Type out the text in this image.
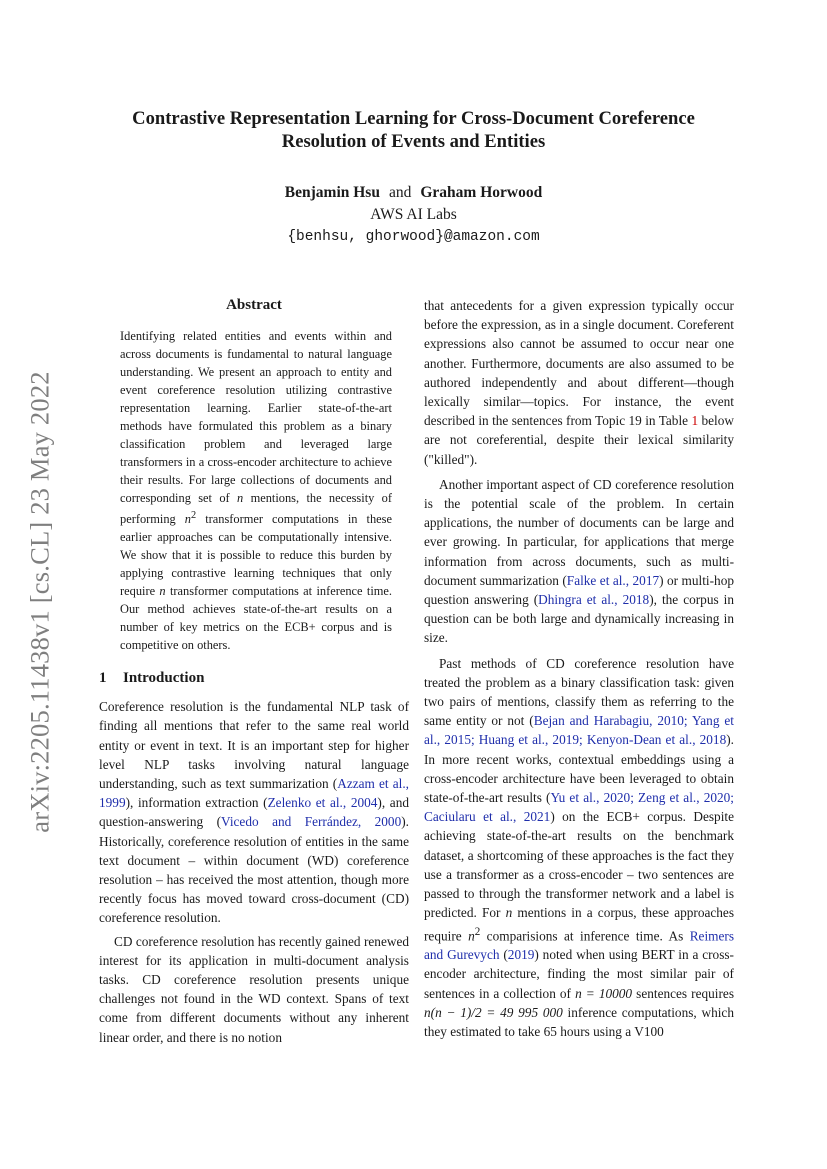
arXiv:2205.11438v1 [cs.CL] 23 May 2022
Contrastive Representation Learning for Cross-Document Coreference
Resolution of Events and Entities
Benjamin Hsu and Graham Horwood
AWS AI Labs
{benhsu, ghorwood}@amazon.com
Abstract

Identifying related entities and events within and across documents is fundamental to natural language understanding. We present an approach to entity and event coreference resolution utilizing contrastive representation learning. Earlier state-of-the-art methods have formulated this problem as a binary classification problem and leveraged large transformers in a cross-encoder architecture to achieve their results. For large collections of documents and corresponding set of n mentions, the necessity of performing $n^2$ transformer computations in these earlier approaches can be computationally intensive. We show that it is possible to reduce this burden by applying contrastive learning techniques that only require n transformer computations at inference time. Our method achieves state-of-the-art results on a number of key metrics on the ECB+ corpus and is competitive on others.

1 Introduction

Coreference resolution is the fundamental NLP task of finding all mentions that refer to the same real world entity or event in text. It is an important step for higher level NLP tasks involving natural language understanding, such as text summarization (Azzam et al., 1999), information extraction (Zelenko et al., 2004), and question-answering (Vicedo and Ferrández, 2000). Historically, coreference resolution of entities in the same text document – within document (WD) coreference resolution – has received the most attention, though more recently focus has moved toward cross-document (CD) coreference resolution.

CD coreference resolution has recently gained renewed interest for its application in multi-document analysis tasks. CD coreference resolution presents unique challenges not found in the WD context. Spans of text come from different documents without any inherent linear order, and there is no notion

that antecedents for a given expression typically occur before the expression, as in a single document. Coreferent expressions also cannot be assumed to occur near one another. Furthermore, documents are also assumed to be authored independently and about different—though lexically similar—topics. For instance, the event described in the sentences from Topic 19 in Table 1 below are not coreferential, despite their lexical similarity ("killed").

Another important aspect of CD coreference resolution is the potential scale of the problem. In certain applications, the number of documents can be large and ever growing. In particular, for applications that merge information from across documents, such as multi-document summarization (Falke et al., 2017) or multi-hop question answering (Dhingra et al., 2018), the corpus in question can be both large and dynamically increasing in size.

Past methods of CD coreference resolution have treated the problem as a binary classification task: given two pairs of mentions, classify them as referring to the same entity or not (Bejan and Harabagiu, 2010; Yang et al., 2015; Huang et al., 2019; Kenyon-Dean et al., 2018). In more recent works, contextual embeddings using a cross-encoder architecture have been leveraged to obtain state-of-the-art results (Yu et al., 2020; Zeng et al., 2020; Caciularu et al., 2021) on the ECB+ corpus. Despite achieving state-of-the-art results on the benchmark dataset, a shortcoming of these approaches is the fact they use a transformer as a cross-encoder – two sentences are passed to through the transformer network and a label is predicted. For n mentions in a corpus, these approaches require $n^2$ comparisions at inference time. As Reimers and Gurevych (2019) noted when using BERT in a cross-encoder architecture, finding the most similar pair of sentences in a collection of n = 10000 sentences requires n(n − 1)/2 = 49 995 000 inference computations, which they estimated to take 65 hours using a V100
